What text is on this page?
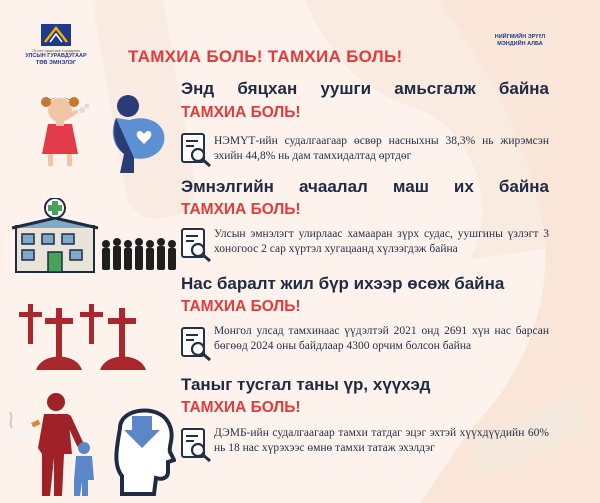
75 лет практике городских
УЛСЫН ГУРАВДУГААР
ТӨВ ЭМНЭЛЭГ
НИЙГМИЙН ЭРҮҮЛ
МЭНДИЙН АЛБА
ТАМХИА БОЛЬ! ТАМХИА БОЛЬ!
Энд бяцхан уушги амьсгалж байна
ТАМХИА БОЛЬ!
НЭМҮТ-ийн судалгаагаар өсвөр насныхны 38,3% нь жирэмсэн эхийн 44,8% нь дам тамхидалтад өртдөг
Эмнэлгийн ачаалал маш их байна
ТАМХИА БОЛЬ!
Улсын эмнэлэгт улирлаас хамааран зүрх судас, уушгины үзлэгт 3 хоногоос 2 сар хүртэл хугацаанд хүлээгдэж байна
Нас баралт жил бүр ихээр өсөж байна
ТАМХИА БОЛЬ!
Монгол улсад тамхинаас үүдэлтэй 2021 онд 2691 хүн нас барсан бөгөөд 2024 оны байдлаар 4300 орчим болсон байна
Таныг тусгал таны үр, хүүхэд
ТАМХИА БОЛЬ!
ДЭМБ-ийн судалгаагаар тамхи татдаг эцэг эхтэй хүүхдүүдийн 60% нь 18 нас хүрэхээс өмнө тамхи татаж эхэлдэг
